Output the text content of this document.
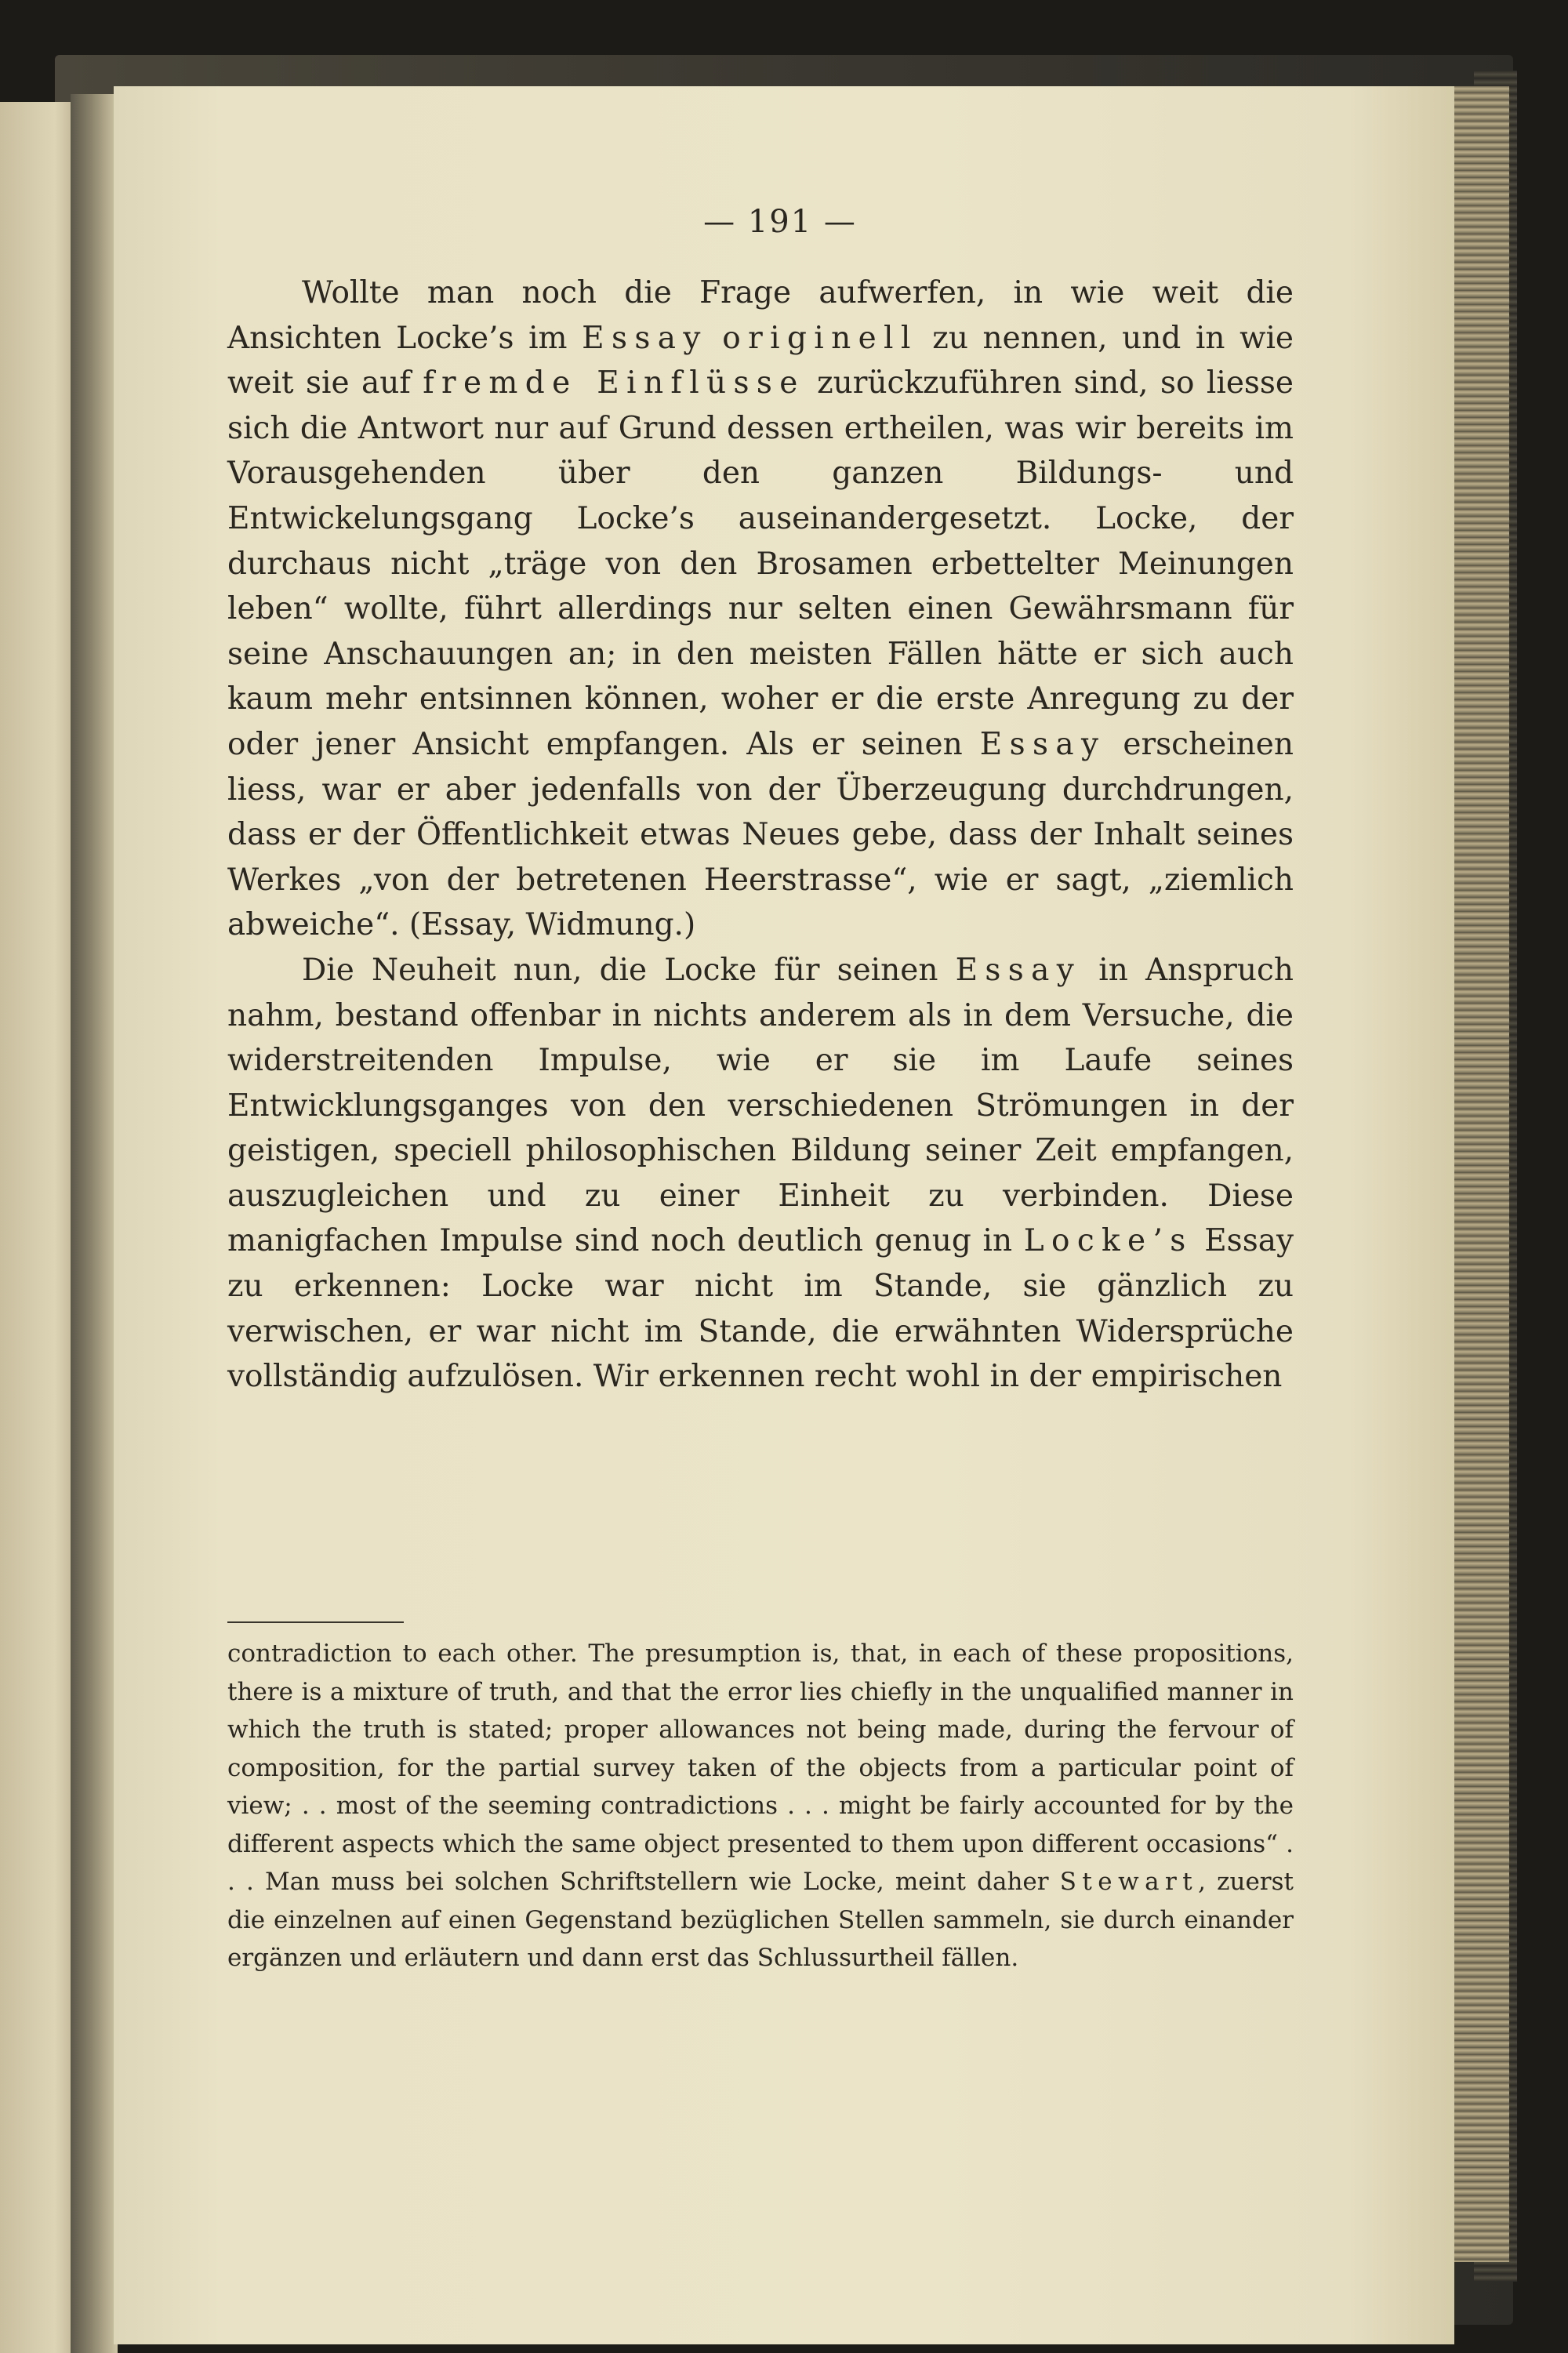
— 191 —

Wollte man noch die Frage aufwerfen, in wie weit die Ansichten Locke’s im Essay originell zu nennen, und in wie weit sie auf fremde Einflüsse zurückzuführen sind, so liesse sich die Antwort nur auf Grund dessen ertheilen, was wir bereits im Vorausgehenden über den ganzen Bildungs- und Entwickelungsgang Locke’s auseinandergesetzt. Locke, der durchaus nicht „träge von den Brosamen erbettelter Meinungen leben“ wollte, führt allerdings nur selten einen Gewährsmann für seine Anschauungen an; in den meisten Fällen hätte er sich auch kaum mehr entsinnen können, woher er die erste Anregung zu der oder jener Ansicht empfangen. Als er seinen Essay erscheinen liess, war er aber jedenfalls von der Überzeugung durchdrungen, dass er der Öffentlichkeit etwas Neues gebe, dass der Inhalt seines Werkes „von der betretenen Heerstrasse“, wie er sagt, „ziemlich abweiche“. (Essay, Widmung.)

Die Neuheit nun, die Locke für seinen Essay in Anspruch nahm, bestand offenbar in nichts anderem als in dem Versuche, die widerstreitenden Impulse, wie er sie im Laufe seines Entwicklungsganges von den verschiedenen Strömungen in der geistigen, speciell philosophischen Bildung seiner Zeit empfangen, auszugleichen und zu einer Einheit zu verbinden. Diese manigfachen Impulse sind noch deutlich genug in Locke’s Essay zu erkennen: Locke war nicht im Stande, sie gänzlich zu verwischen, er war nicht im Stande, die erwähnten Widersprüche vollständig aufzulösen. Wir erkennen recht wohl in der empirischen

contradiction to each other. The presumption is, that, in each of these propositions, there is a mixture of truth, and that the error lies chiefly in the unqualified manner in which the truth is stated; proper allowances not being made, during the fervour of composition, for the partial survey taken of the objects from a particular point of view; . . most of the seeming contradictions . . . might be fairly accounted for by the different aspects which the same object presented to them upon different occasions“ . . . Man muss bei solchen Schriftstellern wie Locke, meint daher Stewart, zuerst die einzelnen auf einen Gegenstand bezüglichen Stellen sammeln, sie durch einander ergänzen und erläutern und dann erst das Schlussurtheil fällen.
